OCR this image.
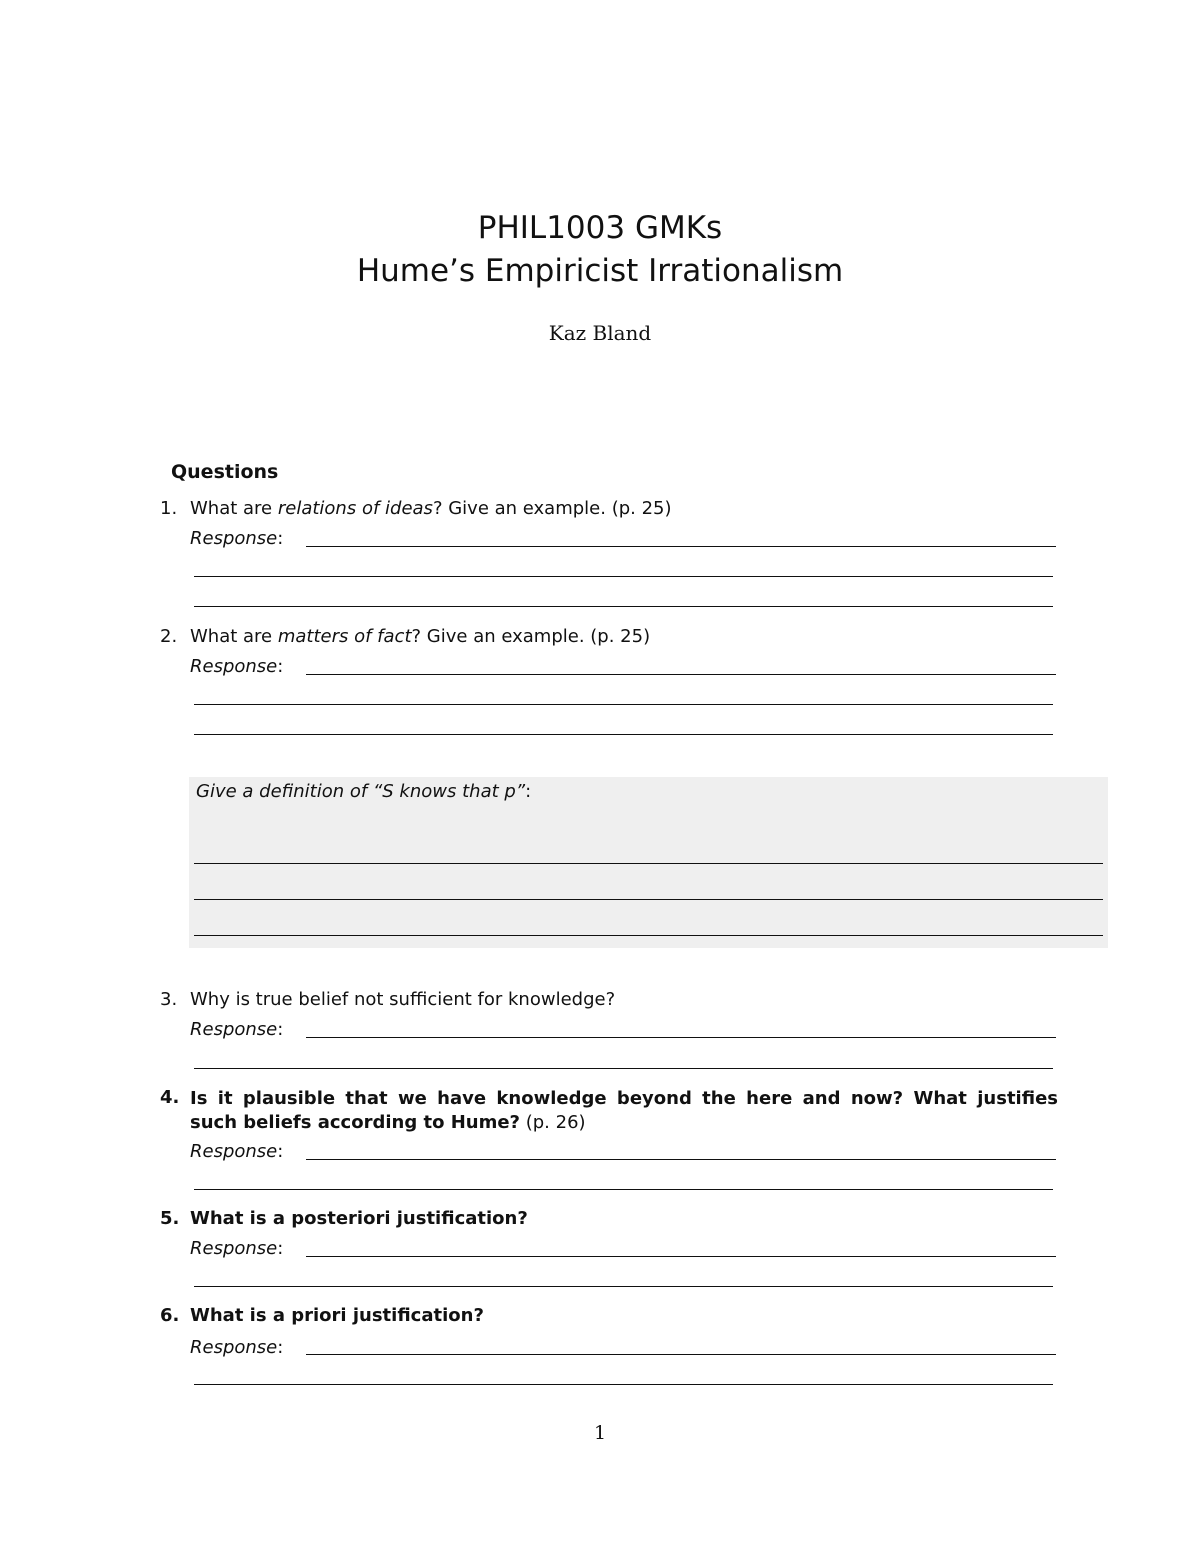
PHIL1003 GMKs
Hume’s Empiricist Irrationalism
Kaz Bland
Questions
1. What are relations of ideas? Give an example. (p. 25)
Response:
2. What are matters of fact? Give an example. (p. 25)
Response:
Give a definition of “S knows that p”:
3. Why is true belief not sufficient for knowledge?
Response:
4. Is it plausible that we have knowledge beyond the here and now? What justifies such beliefs according to Hume? (p. 26)
Response:
5. What is a posteriori justification?
Response:
6. What is a priori justification?
Response:
1
